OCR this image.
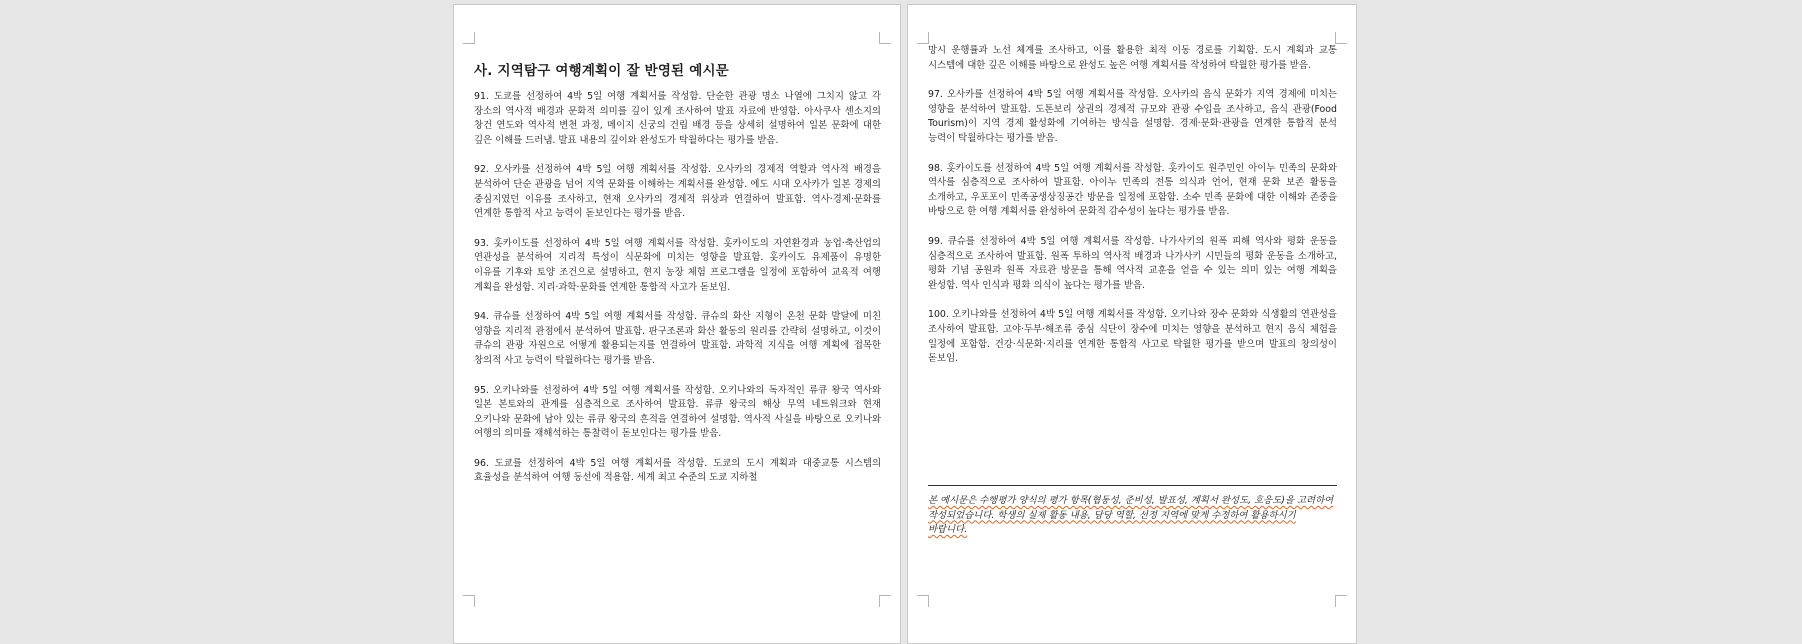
사. 지역탐구 여행계획이 잘 반영된 예시문

91. 도쿄를 선정하여 4박 5일 여행 계획서를 작성함. 단순한 관광 명소 나열에 그치지 않고 각 장소의 역사적 배경과 문화적 의미를 깊이 있게 조사하여 발표 자료에 반영함. 아사쿠사 센소지의 창건 연도와 역사적 변천 과정, 메이지 신궁의 건립 배경 등을 상세히 설명하여 일본 문화에 대한 깊은 이해를 드러냄. 발표 내용의 깊이와 완성도가 탁월하다는 평가를 받음.

92. 오사카를 선정하여 4박 5일 여행 계획서를 작성함. 오사카의 경제적 역할과 역사적 배경을 분석하여 단순 관광을 넘어 지역 문화를 이해하는 계획서를 완성함. 에도 시대 오사카가 일본 경제의 중심지였던 이유를 조사하고, 현재 오사카의 경제적 위상과 연결하여 발표함. 역사·경제·문화를 연계한 통합적 사고 능력이 돋보인다는 평가를 받음.

93. 홋카이도를 선정하여 4박 5일 여행 계획서를 작성함. 홋카이도의 자연환경과 농업·축산업의 연관성을 분석하여 지리적 특성이 식문화에 미치는 영향을 발표함. 홋카이도 유제품이 유명한 이유를 기후와 토양 조건으로 설명하고, 현지 농장 체험 프로그램을 일정에 포함하여 교육적 여행 계획을 완성함. 지리·과학·문화를 연계한 통합적 사고가 돋보임.

94. 큐슈를 선정하여 4박 5일 여행 계획서를 작성함. 큐슈의 화산 지형이 온천 문화 발달에 미친 영향을 지리적 관점에서 분석하여 발표함. 판구조론과 화산 활동의 원리를 간략히 설명하고, 이것이 큐슈의 관광 자원으로 어떻게 활용되는지를 연결하여 발표함. 과학적 지식을 여행 계획에 접목한 창의적 사고 능력이 탁월하다는 평가를 받음.

95. 오키나와를 선정하여 4박 5일 여행 계획서를 작성함. 오키나와의 독자적인 류큐 왕국 역사와 일본 본토와의 관계를 심층적으로 조사하여 발표함. 류큐 왕국의 해상 무역 네트워크와 현재 오키나와 문화에 남아 있는 류큐 왕국의 흔적을 연결하여 설명함. 역사적 사실을 바탕으로 오키나와 여행의 의미를 재해석하는 통찰력이 돋보인다는 평가를 받음.

96. 도쿄를 선정하여 4박 5일 여행 계획서를 작성함. 도쿄의 도시 계획과 대중교통 시스템의 효율성을 분석하여 여행 동선에 적용함. 세계 최고 수준의 도쿄 지하철

망시 운행률과 노선 체계를 조사하고, 이를 활용한 최적 이동 경로를 기획함. 도시 계획과 교통 시스템에 대한 깊은 이해를 바탕으로 완성도 높은 여행 계획서를 작성하여 탁월한 평가를 받음.

97. 오사카를 선정하여 4박 5일 여행 계획서를 작성함. 오사카의 음식 문화가 지역 경제에 미치는 영향을 분석하여 발표함. 도톤보리 상권의 경제적 규모와 관광 수입을 조사하고, 음식 관광(Food Tourism)이 지역 경제 활성화에 기여하는 방식을 설명함. 경제·문화·관광을 연계한 통합적 분석 능력이 탁월하다는 평가를 받음.

98. 홋카이도를 선정하여 4박 5일 여행 계획서를 작성함. 홋카이도 원주민인 아이누 민족의 문화와 역사를 심층적으로 조사하여 발표함. 아이누 민족의 전통 의식과 언어, 현재 문화 보존 활동을 소개하고, 우포포이 민족공생상징공간 방문을 일정에 포함함. 소수 민족 문화에 대한 이해와 존중을 바탕으로 한 여행 계획서를 완성하여 문화적 감수성이 높다는 평가를 받음.

99. 큐슈를 선정하여 4박 5일 여행 계획서를 작성함. 나가사키의 원폭 피해 역사와 평화 운동을 심층적으로 조사하여 발표함. 원폭 투하의 역사적 배경과 나가사키 시민들의 평화 운동을 소개하고, 평화 기념 공원과 원폭 자료관 방문을 통해 역사적 교훈을 얻을 수 있는 의미 있는 여행 계획을 완성함. 역사 인식과 평화 의식이 높다는 평가를 받음.

100. 오키나와를 선정하여 4박 5일 여행 계획서를 작성함. 오키나와 장수 문화와 식생활의 연관성을 조사하여 발표함. 고야·두부·해조류 중심 식단이 장수에 미치는 영향을 분석하고 현지 음식 체험을 일정에 포함함. 건강·식문화·지리를 연계한 통합적 사고로 탁월한 평가를 받으며 발표의 창의성이 돋보임.

본 예시문은 수행평가 양식의 평가 항목(협동성, 준비성, 발표성, 계획서 완성도, 호응도)을 고려하여 작성되었습니다. 학생의 실제 활동 내용, 담당 역할, 선정 지역에 맞게 수정하여 활용하시기 바랍니다.
